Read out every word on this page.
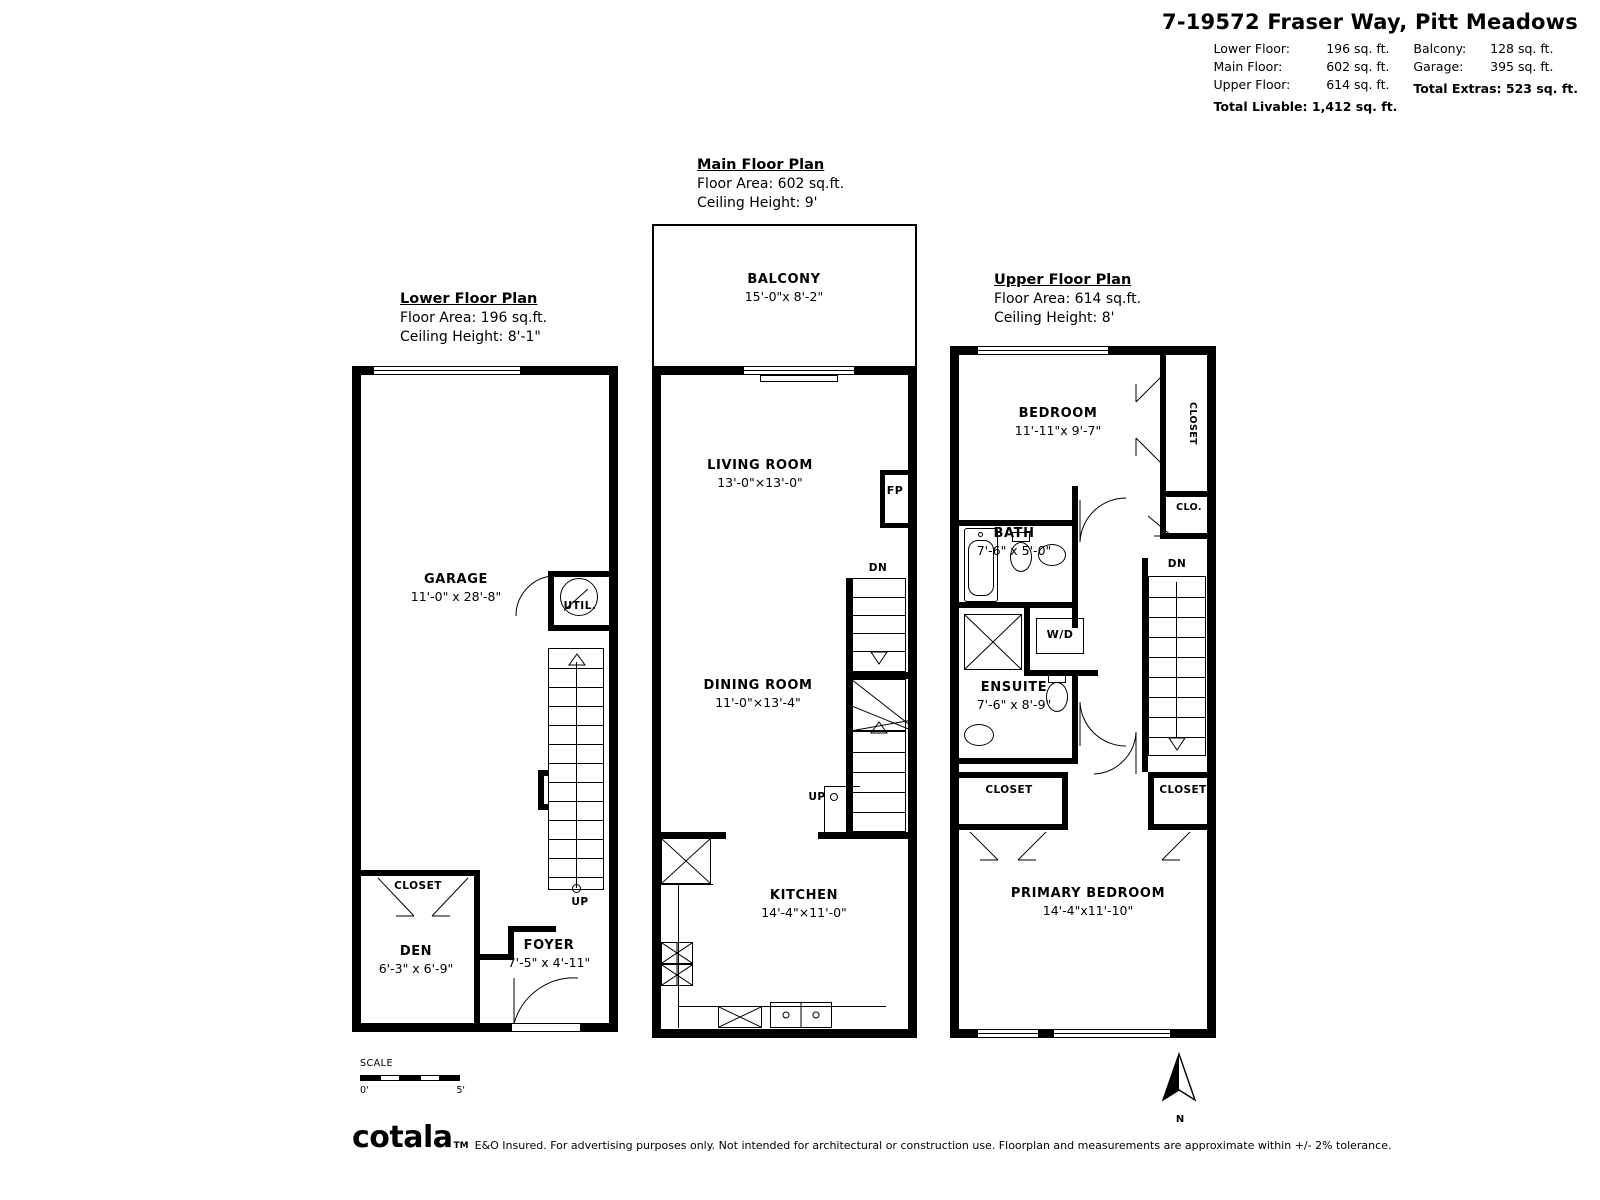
7-19572 Fraser Way, Pitt Meadows
Lower Floor:	196 sq. ft.
Main Floor:	602 sq. ft.
Upper Floor:	614 sq. ft.
Total Livable: 1,412 sq. ft.
Balcony:	128 sq. ft.
Garage:	395 sq. ft.
Total Extras: 523 sq. ft.
Lower Floor Plan
Floor Area: 196 sq.ft.
Ceiling Height: 8'-1"
UP
GARAGE
11'-0" x 28'-8"
DEN
6'-3" x 6'-9"
FOYER
7'-5" x 4'-11"
CLOSET
UTIL.
Main Floor Plan
Floor Area: 602 sq.ft.
Ceiling Height: 9'
BALCONY
15'-0"x 8'-2"
FP
DN
UP
LIVING ROOM
13'-0"×13'-0"
DINING ROOM
11'-0"×13'-4"
KITCHEN
14'-4"×11'-0"
Upper Floor Plan
Floor Area: 614 sq.ft.
Ceiling Height: 8'
CLOSET
CLO.
BATH
7'-6" x 5'-0"
W/D
ENSUITE
7'-6" x 8'-9"
CLOSET	CLOSET
DN
BEDROOM
11'-11"x 9'-7"
PRIMARY BEDROOM
14'-4"x11'-10"
SCALE
0'	5'
N
cotala TM E&O Insured. For advertising purposes only. Not intended for architectural or construction use. Floorplan and measurements are approximate within +/- 2% tolerance.
